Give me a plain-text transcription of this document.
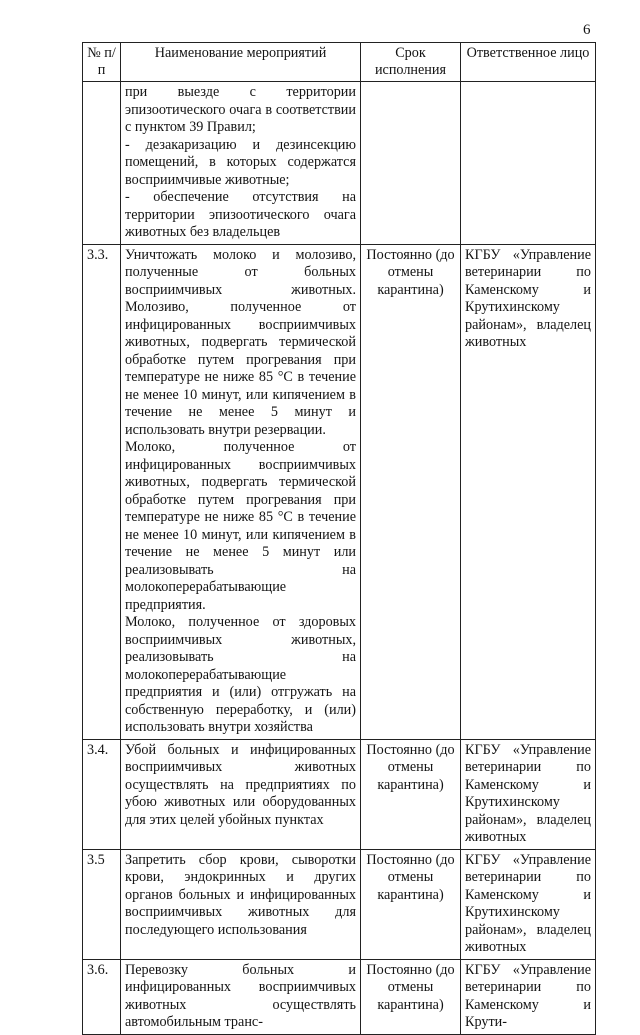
6
№ п/п	Наименование мероприятий	Срок исполнения	Ответственное лицо

	при выезде с территории эпизоотического очага в соответствии с пунктом 39 Правил;

- дезакаризацию и дезинсекцию помещений, в которых содержатся восприимчивые животные;

- обеспечение отсутствия на территории эпизоотического очага животных без владельцев		

3.3.	Уничтожать молоко и молозиво, полученные от больных восприимчивых животных. Молозиво, полученное от инфицированных восприимчивых животных, подвергать термической обработке путем прогревания при температуре не ниже 85 °С в течение не менее 10 минут, или кипячением в течение не менее 5 минут и использовать внутри резервации.

Молоко, полученное от инфицированных восприимчивых животных, подвергать термической обработке путем прогревания при температуре не ниже 85 °С в течение не менее 10 минут, или кипячением в течение не менее 5 минут или реализовывать на молокоперерабатывающие предприятия.

Молоко, полученное от здоровых восприимчивых животных, реализовывать на молокоперерабатывающие предприятия и (или) отгружать на собственную переработку, и (или) использовать внутри хозяйства	Постоянно (до отмены карантина)	КГБУ «Управление ветеринарии по Каменскому и Крутихинскому районам», владелец животных
3.4.	Убой больных и инфицированных восприимчивых животных осуществлять на предприятиях по убою животных или оборудованных для этих целей убойных пунктах	Постоянно (до отмены карантина)	КГБУ «Управление ветеринарии по Каменскому и Крутихинскому районам», владелец животных
3.5	Запретить сбор крови, сыворотки крови, эндокринных и других органов больных и инфицированных восприимчивых животных для последующего использования	Постоянно (до отмены карантина)	КГБУ «Управление ветеринарии по Каменскому и Крутихинскому районам», владелец животных
3.6.	Перевозку больных и инфицированных восприимчивых животных осуществлять автомобильным транс-	Постоянно (до отмены карантина)	КГБУ «Управление ветеринарии по Каменскому и Крути-
